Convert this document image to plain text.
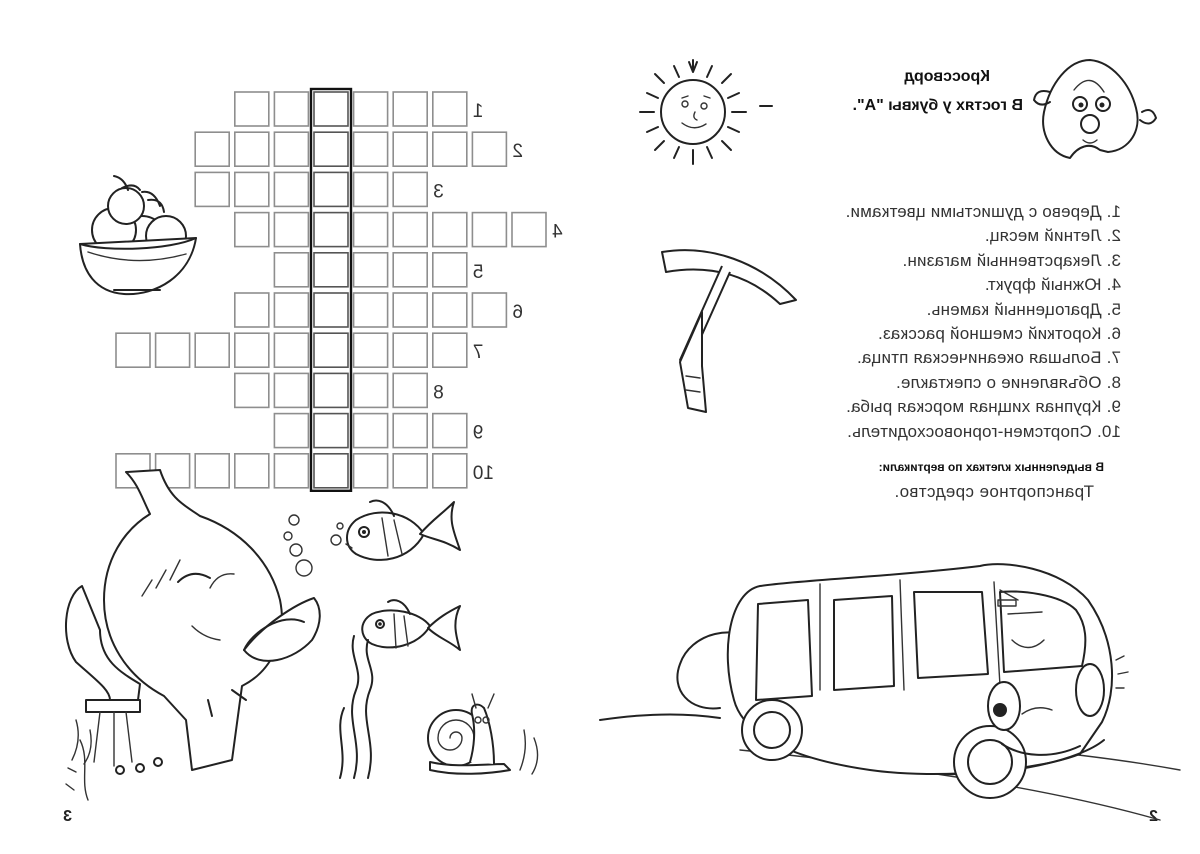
Кроссворд
В гостях у буквы "А".
1. Дерево с душистыми цветками.
2. Летний месяц.
3. Лекарственный магазин.
4. Южный фрукт.
5. Драгоценный камень.
6. Короткий смешной рассказ.
7. Большая океаническая птица.
8. Объявление о спектакле.
9. Крупная хищная морская рыба.
10. Спортсмен-горновосходитель.
В выделенных клетках по вертикали:
Транспортное средство.
2
1
2
3
4
5
6
7
8
9
10
3
